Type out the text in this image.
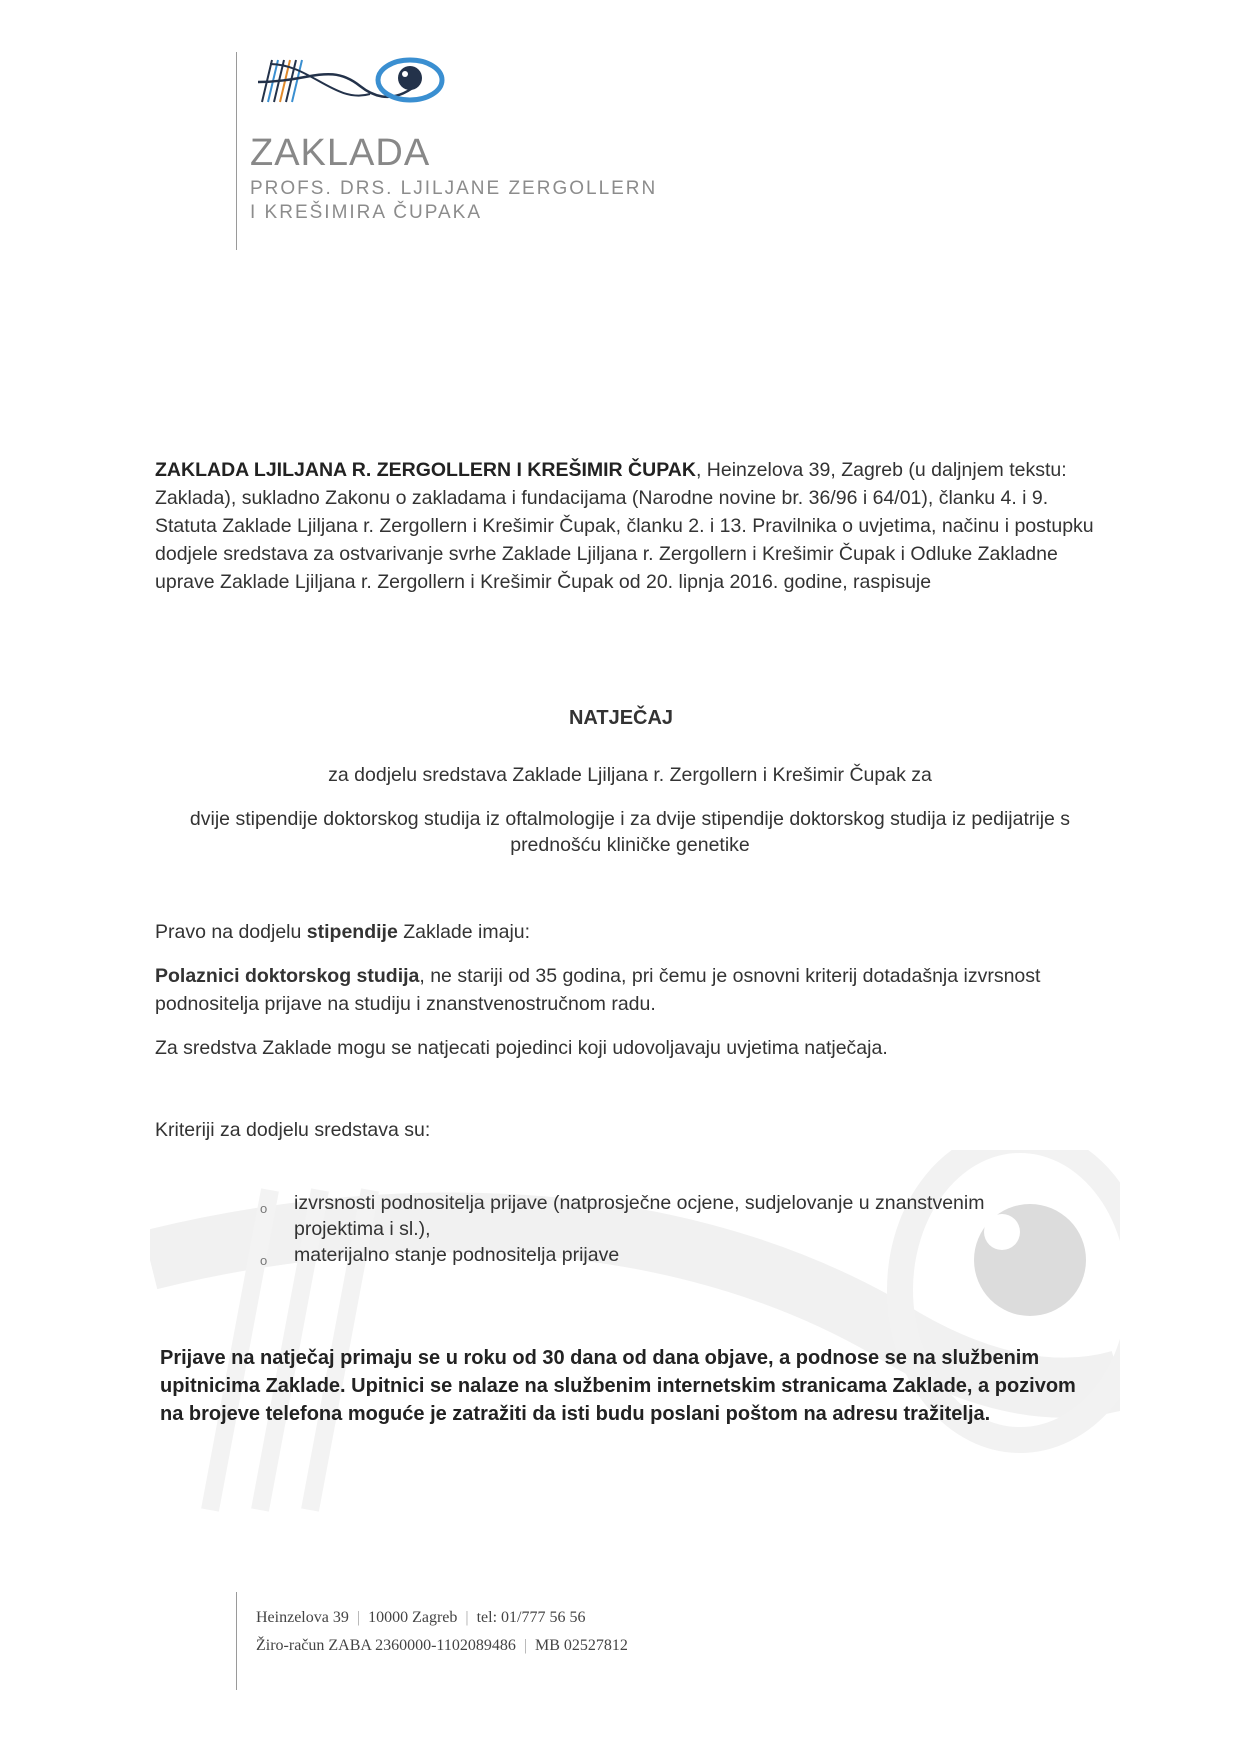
ZAKLADA
PROFS. DRS. LJILJANE ZERGOLLERN
I KREŠIMIRA ČUPAKA
ZAKLADA LJILJANA R. ZERGOLLERN I KREŠIMIR ČUPAK, Heinzelova 39, Zagreb (u daljnjem tekstu: Zaklada), sukladno Zakonu o zakladama i fundacijama (Narodne novine br. 36/96 i 64/01), članku 4. i 9. Statuta Zaklade Ljiljana r. Zergollern i Krešimir Čupak, članku 2. i 13. Pravilnika o uvjetima, načinu i postupku dodjele sredstava za ostvarivanje svrhe Zaklade Ljiljana r. Zergollern i Krešimir Čupak i Odluke Zakladne uprave Zaklade Ljiljana r. Zergollern i Krešimir Čupak od 20. lipnja 2016. godine, raspisuje
NATJEČAJ
za dodjelu sredstava Zaklade Ljiljana r. Zergollern i Krešimir Čupak za
dvije stipendije doktorskog studija iz oftalmologije i za dvije stipendije doktorskog studija iz pedijatrije s prednošću kliničke genetike
Pravo na dodjelu stipendije Zaklade imaju:
Polaznici doktorskog studija, ne stariji od 35 godina, pri čemu je osnovni kriterij dotadašnja izvrsnost podnositelja prijave na studiju i znanstvenostručnom radu.
Za sredstva Zaklade mogu se natjecati pojedinci koji udovoljavaju uvjetima natječaja.
Kriteriji za dodjelu sredstava su:
o	izvrsnosti podnositelja prijave (natprosječne ocjene, sudjelovanje u znanstvenim projektima i sl.),
o	materijalno stanje podnositelja prijave
Prijave na natječaj primaju se u roku od 30 dana od dana objave, a podnose se na službenim upitnicima Zaklade. Upitnici se nalaze na službenim internetskim stranicama Zaklade, a pozivom na brojeve telefona moguće je zatražiti da isti budu poslani poštom na adresu tražitelja.
Heinzelova 39 | 10000 Zagreb | tel: 01/777 56 56
Žiro-račun ZABA 2360000-1102089486 | MB 02527812
